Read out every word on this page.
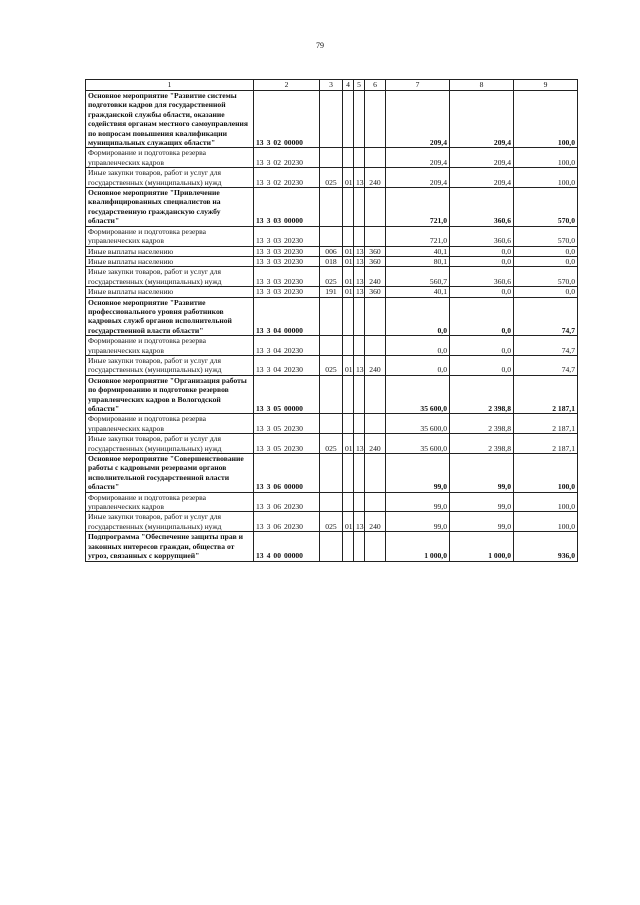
79
1	2	3	4	5	6	7	8	9
Основное мероприятие "Развитие системы подготовки кадров для государственной гражданской службы области, оказание содействия органам местного самоуправления по вопросам повышения квалификации муниципальных служащих области"	13 3 02 00000					209,4	209,4	100,0
Формирование и подготовка резерва управленческих кадров	13 3 02 20230					209,4	209,4	100,0
Иные закупки товаров, работ и услуг для государственных (муниципальных) нужд	13 3 02 20230	025	01	13	240	209,4	209,4	100,0
Основное мероприятие "Привлечение квалифицированных специалистов на государственную гражданскую службу области"	13 3 03 00000					721,0	360,6	570,0
Формирование и подготовка резерва управленческих кадров	13 3 03 20230					721,0	360,6	570,0
Иные выплаты населению	13 3 03 20230	006	01	13	360	40,1	0,0	0,0
Иные выплаты населению	13 3 03 20230	018	01	13	360	80,1	0,0	0,0
Иные закупки товаров, работ и услуг для государственных (муниципальных) нужд	13 3 03 20230	025	01	13	240	560,7	360,6	570,0
Иные выплаты населению	13 3 03 20230	191	01	13	360	40,1	0,0	0,0
Основное мероприятие "Развитие профессионального уровня работников кадровых служб органов исполнительной государственной власти области"	13 3 04 00000					0,0	0,0	74,7
Формирование и подготовка резерва управленческих кадров	13 3 04 20230					0,0	0,0	74,7
Иные закупки товаров, работ и услуг для государственных (муниципальных) нужд	13 3 04 20230	025	01	13	240	0,0	0,0	74,7
Основное мероприятие "Организация работы по формированию и подготовке резервов управленческих кадров в Вологодской области"	13 3 05 00000					35 600,0	2 398,8	2 187,1
Формирование и подготовка резерва управленческих кадров	13 3 05 20230					35 600,0	2 398,8	2 187,1
Иные закупки товаров, работ и услуг для государственных (муниципальных) нужд	13 3 05 20230	025	01	13	240	35 600,0	2 398,8	2 187,1
Основное мероприятие "Совершенствование работы с кадровыми резервами органов исполнительной государственной власти области"	13 3 06 00000					99,0	99,0	100,0
Формирование и подготовка резерва управленческих кадров	13 3 06 20230					99,0	99,0	100,0
Иные закупки товаров, работ и услуг для государственных (муниципальных) нужд	13 3 06 20230	025	01	13	240	99,0	99,0	100,0
Подпрограмма "Обеспечение защиты прав и законных интересов граждан, общества от угроз, связанных с коррупцией"	13 4 00 00000					1 000,0	1 000,0	936,0
